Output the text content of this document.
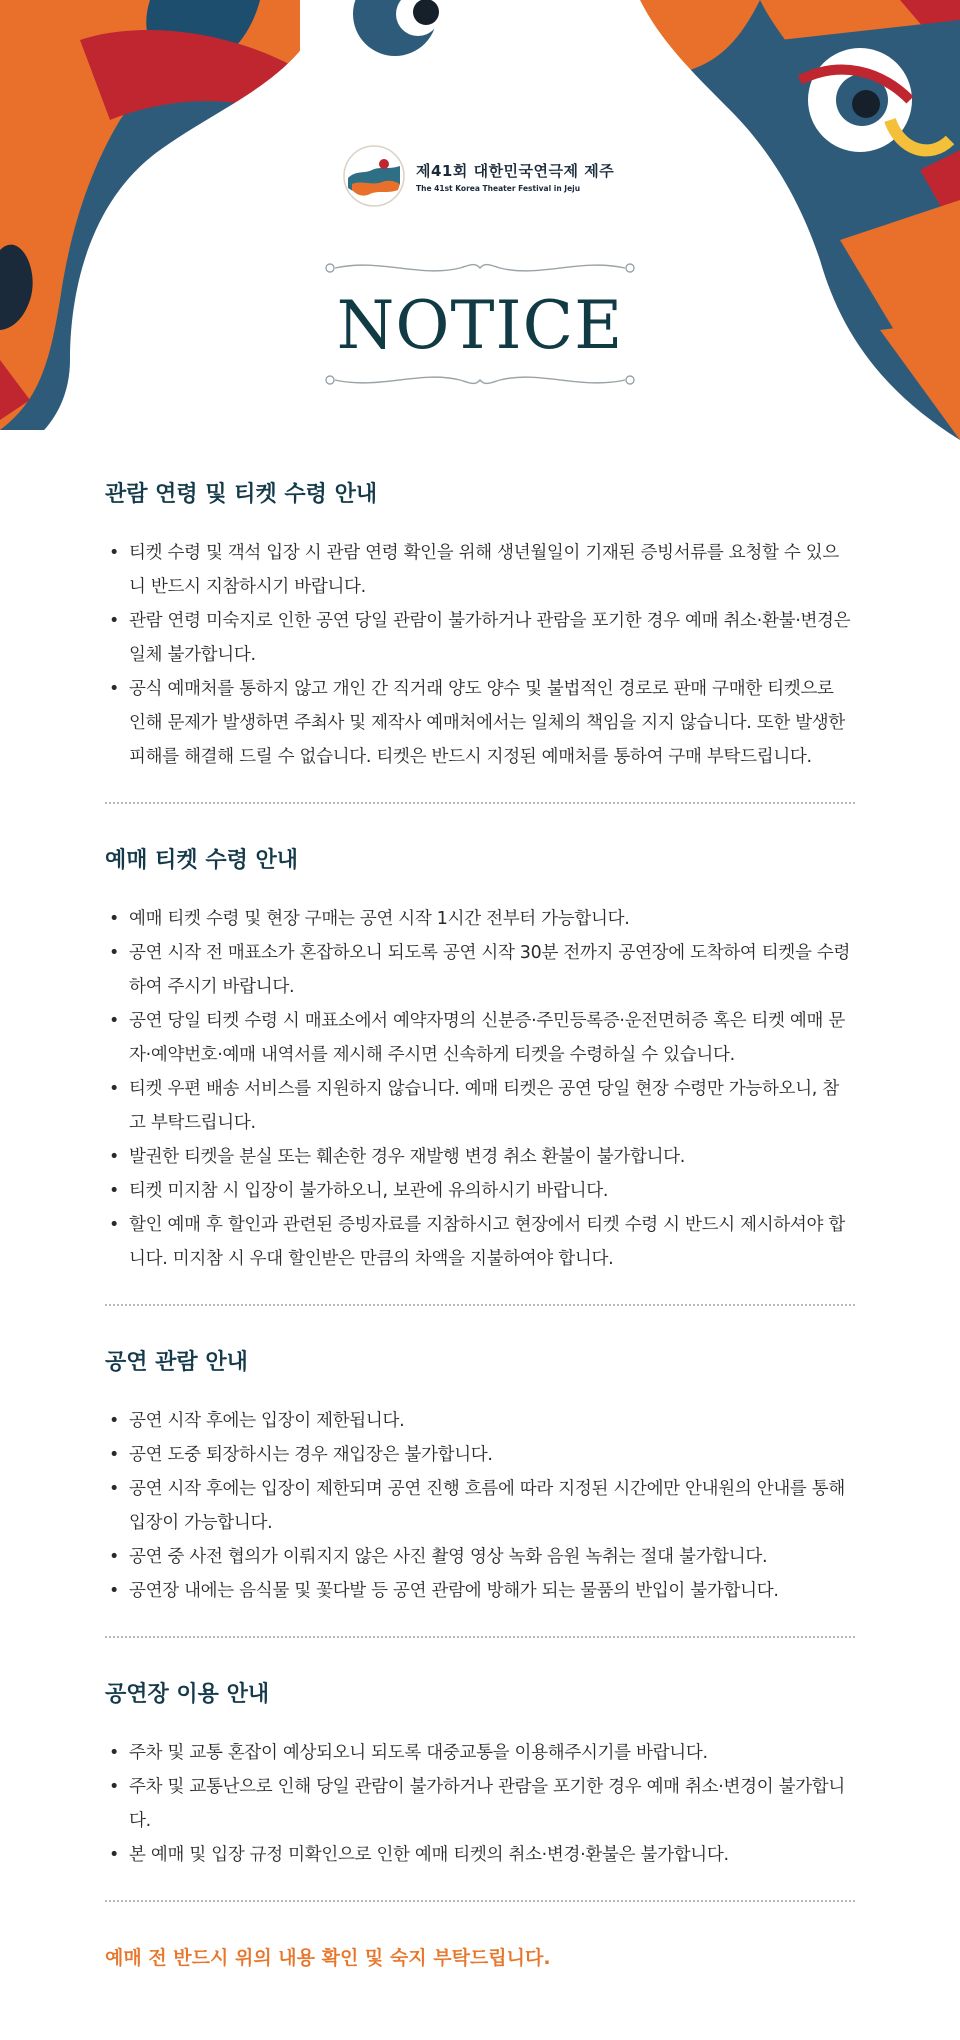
제41회 대한민국연극제 제주
The 41st Korea Theater Festival in Jeju
NOTICE
관람 연령 및 티켓 수령 안내
• 티켓 수령 및 객석 입장 시 관람 연령 확인을 위해 생년월일이 기재된 증빙서류를 요청할 수 있으니 반드시 지참하시기 바랍니다.
• 관람 연령 미숙지로 인한 공연 당일 관람이 불가하거나 관람을 포기한 경우 예매 취소·환불·변경은 일체 불가합니다.
• 공식 예매처를 통하지 않고 개인 간 직거래 양도 양수 및 불법적인 경로로 판매 구매한 티켓으로 인해 문제가 발생하면 주최사 및 제작사 예매처에서는 일체의 책임을 지지 않습니다. 또한 발생한 피해를 해결해 드릴 수 없습니다. 티켓은 반드시 지정된 예매처를 통하여 구매 부탁드립니다.
예매 티켓 수령 안내
• 예매 티켓 수령 및 현장 구매는 공연 시작 1시간 전부터 가능합니다.
• 공연 시작 전 매표소가 혼잡하오니 되도록 공연 시작 30분 전까지 공연장에 도착하여 티켓을 수령하여 주시기 바랍니다.
• 공연 당일 티켓 수령 시 매표소에서 예약자명의 신분증·주민등록증·운전면허증 혹은 티켓 예매 문자·예약번호·예매 내역서를 제시해 주시면 신속하게 티켓을 수령하실 수 있습니다.
• 티켓 우편 배송 서비스를 지원하지 않습니다. 예매 티켓은 공연 당일 현장 수령만 가능하오니, 참고 부탁드립니다.
• 발권한 티켓을 분실 또는 훼손한 경우 재발행 변경 취소 환불이 불가합니다.
• 티켓 미지참 시 입장이 불가하오니, 보관에 유의하시기 바랍니다.
• 할인 예매 후 할인과 관련된 증빙자료를 지참하시고 현장에서 티켓 수령 시 반드시 제시하셔야 합니다. 미지참 시 우대 할인받은 만큼의 차액을 지불하여야 합니다.
공연 관람 안내
• 공연 시작 후에는 입장이 제한됩니다.
• 공연 도중 퇴장하시는 경우 재입장은 불가합니다.
• 공연 시작 후에는 입장이 제한되며 공연 진행 흐름에 따라 지정된 시간에만 안내원의 안내를 통해 입장이 가능합니다.
• 공연 중 사전 협의가 이뤄지지 않은 사진 촬영 영상 녹화 음원 녹취는 절대 불가합니다.
• 공연장 내에는 음식물 및 꽃다발 등 공연 관람에 방해가 되는 물품의 반입이 불가합니다.
공연장 이용 안내
• 주차 및 교통 혼잡이 예상되오니 되도록 대중교통을 이용해주시기를 바랍니다.
• 주차 및 교통난으로 인해 당일 관람이 불가하거나 관람을 포기한 경우 예매 취소·변경이 불가합니다.
• 본 예매 및 입장 규정 미확인으로 인한 예매 티켓의 취소·변경·환불은 불가합니다.

예매 전 반드시 위의 내용 확인 및 숙지 부탁드립니다.
